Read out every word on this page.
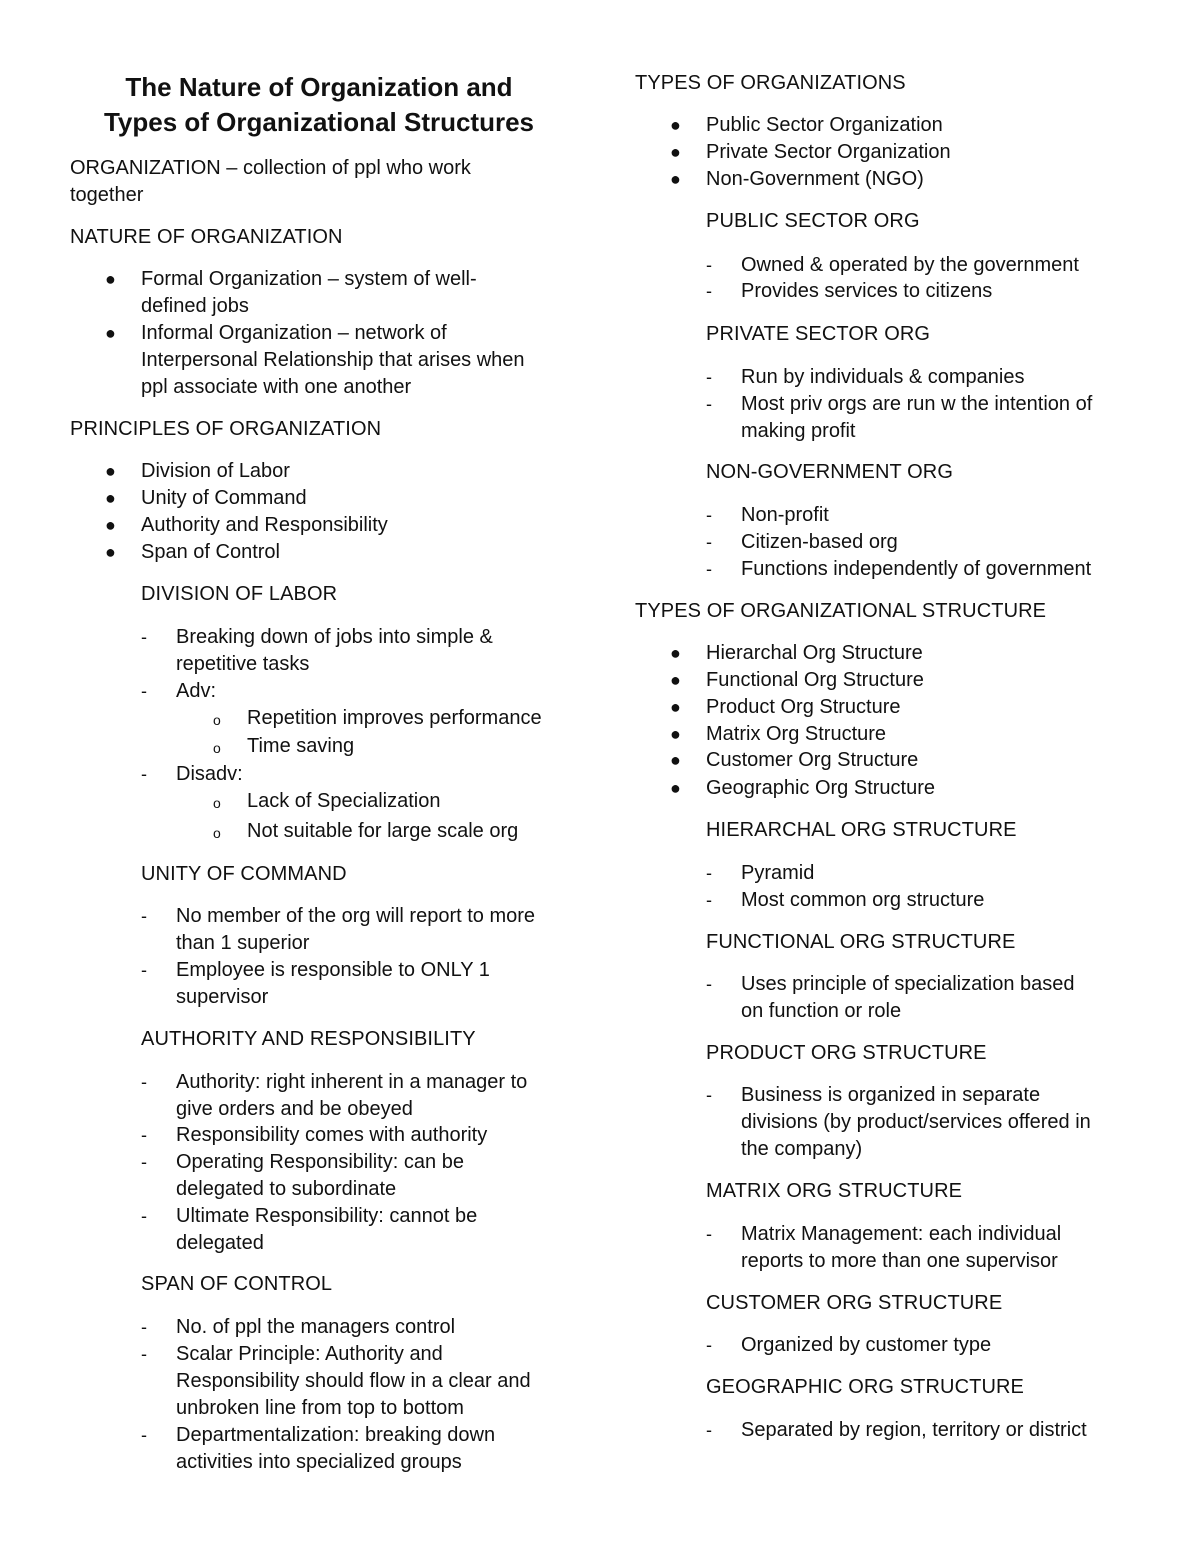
The Nature of Organization and
Types of Organizational Structures
ORGANIZATION – collection of ppl who work
together
NATURE OF ORGANIZATION
● Formal Organization – system of well-
defined jobs
● Informal Organization – network of
Interpersonal Relationship that arises when
ppl associate with one another
PRINCIPLES OF ORGANIZATION
● Division of Labor
● Unity of Command
● Authority and Responsibility
● Span of Control
DIVISION OF LABOR
- Breaking down of jobs into simple &
repetitive tasks
- Adv:
o Repetition improves performance
o Time saving
- Disadv:
o Lack of Specialization
o Not suitable for large scale org
UNITY OF COMMAND
- No member of the org will report to more
than 1 superior
- Employee is responsible to ONLY 1
supervisor
AUTHORITY AND RESPONSIBILITY
- Authority: right inherent in a manager to
give orders and be obeyed
- Responsibility comes with authority
- Operating Responsibility: can be
delegated to subordinate
- Ultimate Responsibility: cannot be
delegated
SPAN OF CONTROL
- No. of ppl the managers control
- Scalar Principle: Authority and
Responsibility should flow in a clear and
unbroken line from top to bottom
- Departmentalization: breaking down
activities into specialized groups
TYPES OF ORGANIZATIONS
● Public Sector Organization
● Private Sector Organization
● Non-Government (NGO)
PUBLIC SECTOR ORG
- Owned & operated by the government
- Provides services to citizens
PRIVATE SECTOR ORG
- Run by individuals & companies
- Most priv orgs are run w the intention of
making profit
NON-GOVERNMENT ORG
- Non-profit
- Citizen-based org
- Functions independently of government
TYPES OF ORGANIZATIONAL STRUCTURE
● Hierarchal Org Structure
● Functional Org Structure
● Product Org Structure
● Matrix Org Structure
● Customer Org Structure
● Geographic Org Structure
HIERARCHAL ORG STRUCTURE
- Pyramid
- Most common org structure
FUNCTIONAL ORG STRUCTURE
- Uses principle of specialization based
on function or role
PRODUCT ORG STRUCTURE
- Business is organized in separate
divisions (by product/services offered in
the company)
MATRIX ORG STRUCTURE
- Matrix Management: each individual
reports to more than one supervisor
CUSTOMER ORG STRUCTURE
- Organized by customer type
GEOGRAPHIC ORG STRUCTURE
- Separated by region, territory or district
